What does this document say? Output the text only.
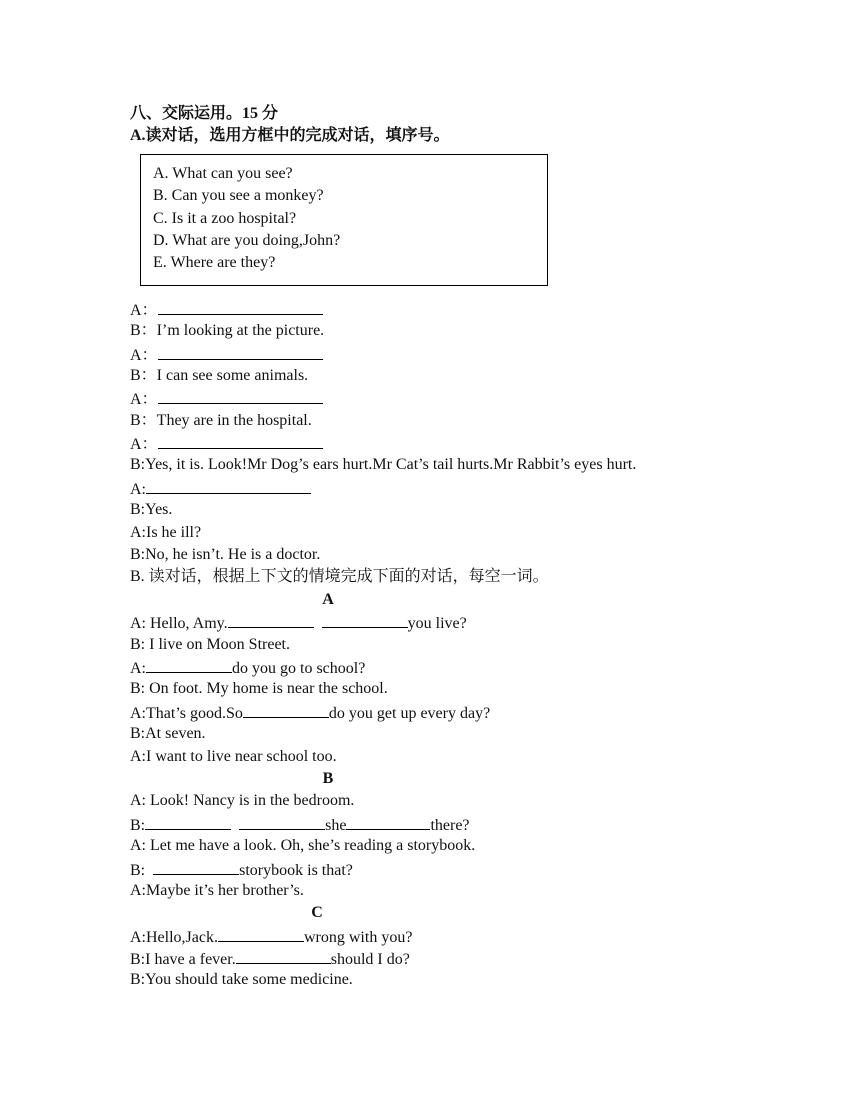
八、交际运用。15 分
A.读对话，选用方框中的完成对话，填序号。
A. What can you see?
B. Can you see a monkey?
C. Is it a zoo hospital?
D. What are you doing,John?
E. Where are they?
A：
B：I’m looking at the picture.
A：
B：I can see some animals.
A：
B：They are in the hospital.
A：
B:Yes, it is. Look!Mr Dog’s ears hurt.Mr Cat’s tail hurts.Mr Rabbit’s eyes hurt.
A:
B:Yes.
A:Is he ill?
B:No, he isn’t. He is a doctor.
B. 读对话，根据上下文的情境完成下面的对话，每空一词。
A
A: Hello, Amy.	you live?
B: I live on Moon Street.
A:	do you go to school?
B: On foot. My home is near the school.
A:That’s good.So	do you get up every day?
B:At seven.
A:I want to live near school too.
B
A: Look! Nancy is in the bedroom.
B:	she	there?
A: Let me have a look. Oh, she’s reading a storybook.
B:	storybook is that?
A:Maybe it’s her brother’s.
C
A:Hello,Jack.	wrong with you?
B:I have a fever.	should I do?
B:You should take some medicine.
